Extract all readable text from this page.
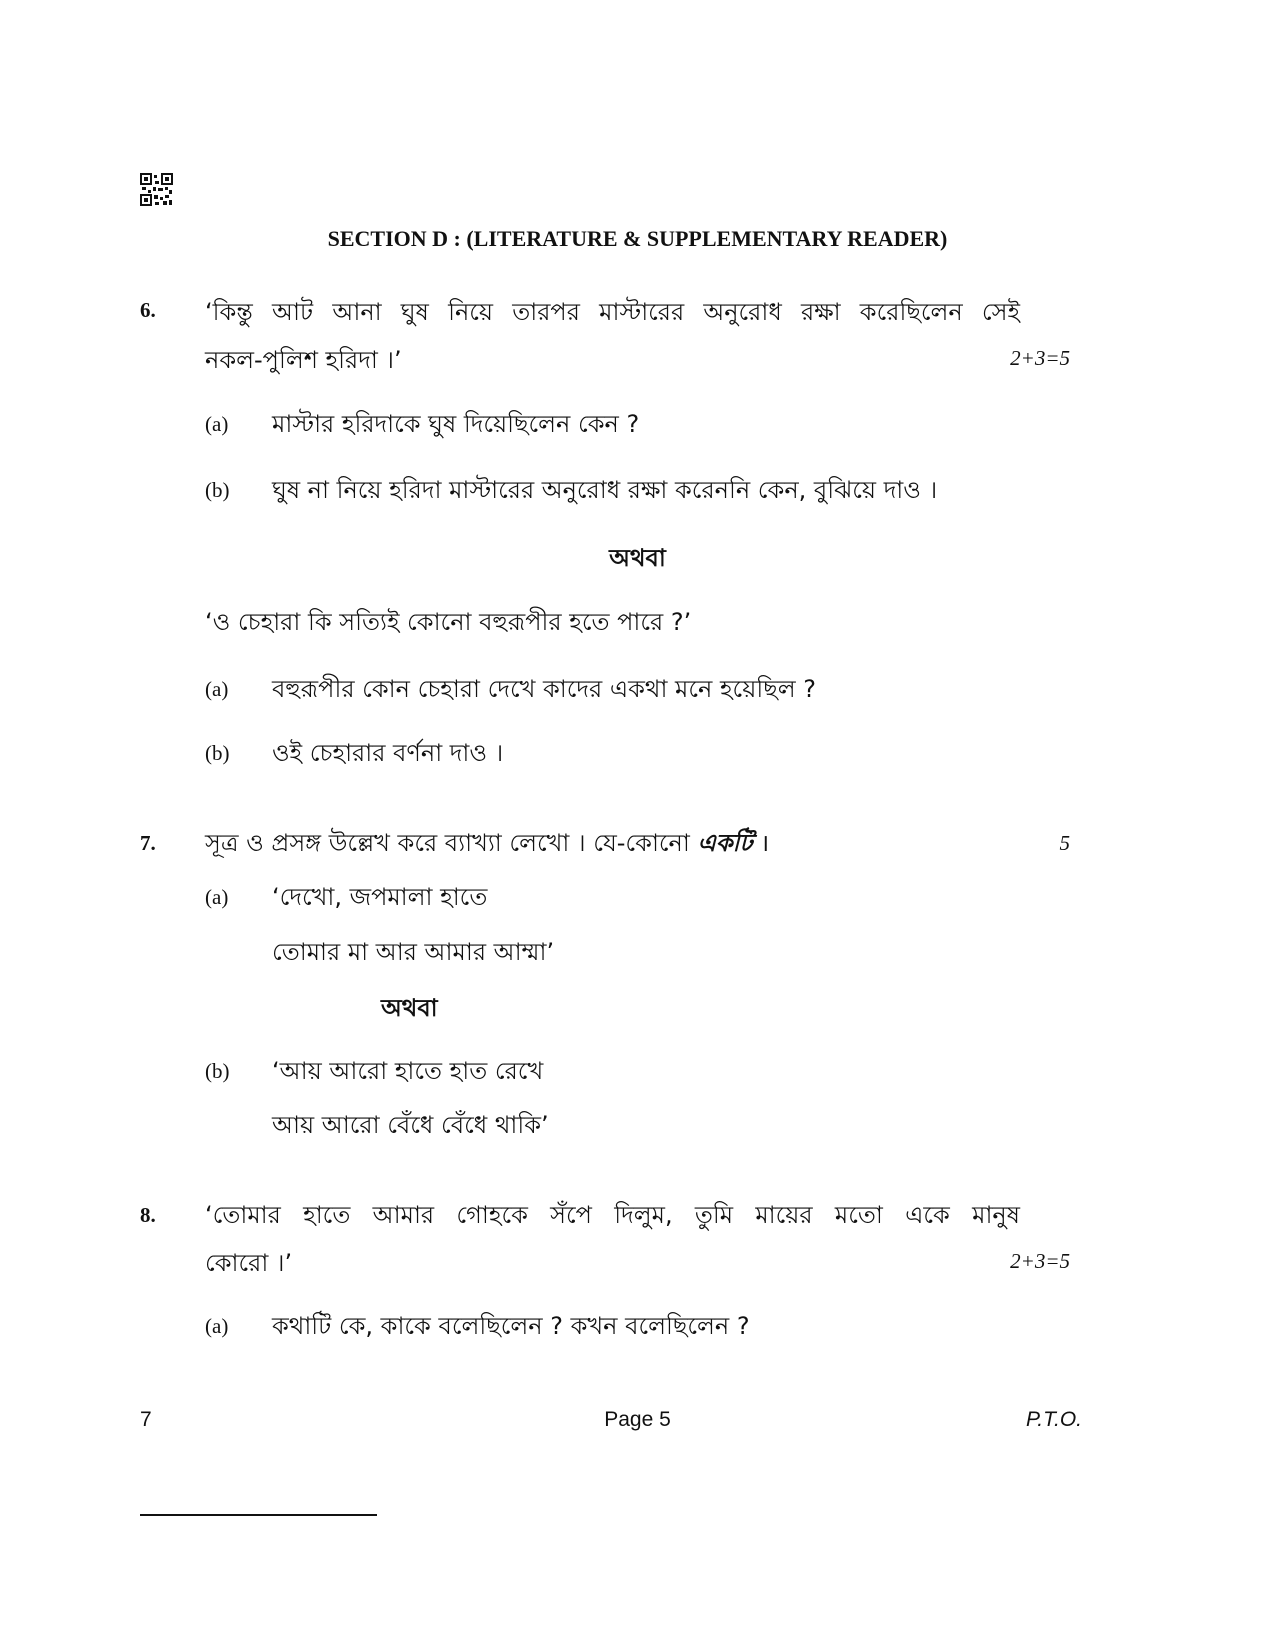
SECTION D : (LITERATURE & SUPPLEMENTARY READER)
6. ‘কিন্তু আট আনা ঘুষ নিয়ে তারপর মাস্টারের অনুরোধ রক্ষা করেছিলেন সেই
নকল-পুলিশ হরিদা ।’	2+3=5
(a) মাস্টার হরিদাকে ঘুষ দিয়েছিলেন কেন ?
(b) ঘুষ না নিয়ে হরিদা মাস্টারের অনুরোধ রক্ষা করেননি কেন, বুঝিয়ে দাও ।
অথবা
‘ও চেহারা কি সত্যিই কোনো বহুরূপীর হতে পারে ?’
(a) বহুরূপীর কোন চেহারা দেখে কাদের একথা মনে হয়েছিল ?
(b) ওই চেহারার বর্ণনা দাও ।
7. সূত্র ও প্রসঙ্গ উল্লেখ করে ব্যাখ্যা লেখো । যে-কোনো একটি ।	5
(a) ‘দেখো, জপমালা হাতে
তোমার মা আর আমার আম্মা’
অথবা
(b) ‘আয় আরো হাতে হাত রেখে
আয় আরো বেঁধে বেঁধে থাকি’
8. ‘তোমার হাতে আমার গোহকে সঁপে দিলুম, তুমি মায়ের মতো একে মানুষ
কোরো ।’	2+3=5
(a) কথাটি কে, কাকে বলেছিলেন ? কখন বলেছিলেন ?
7	Page 5	P.T.O.
